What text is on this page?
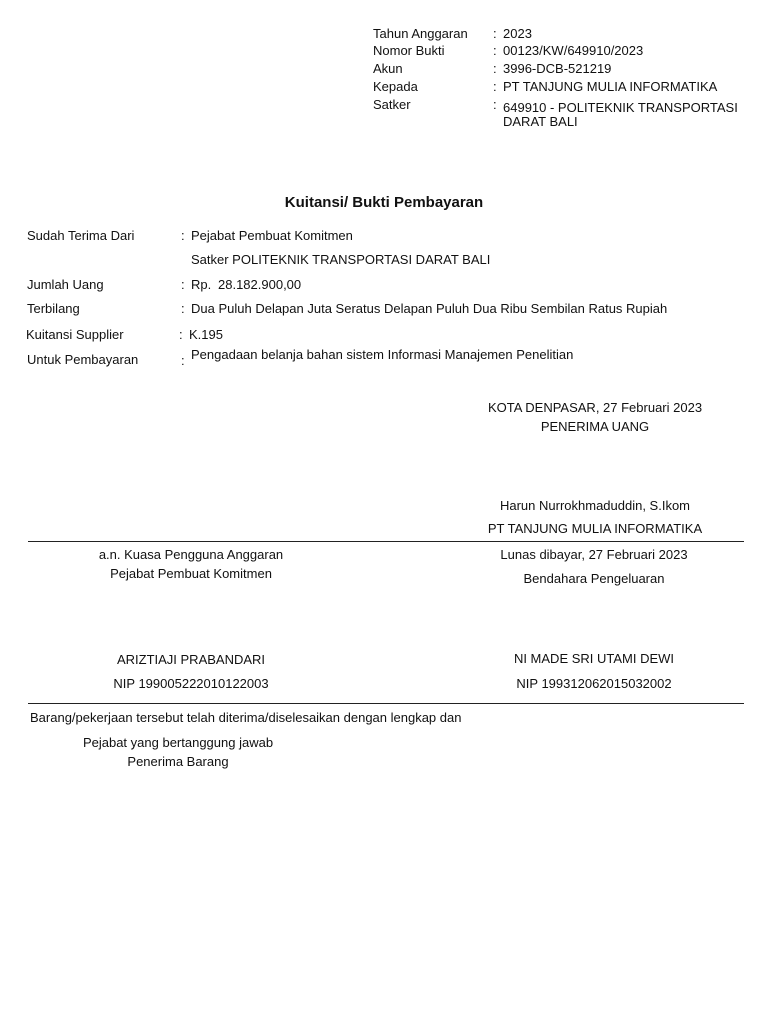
Tahun Anggaran : 2023
Nomor Bukti	: 00123/KW/649910/2023
Akun	: 3996-DCB-521219
Kepada	: PT TANJUNG MULIA INFORMATIKA
Satker	: 649910 - POLITEKNIK TRANSPORTASI
DARAT BALI
Kuitansi/ Bukti Pembayaran
Sudah Terima Dari	: Pejabat Pembuat Komitmen
Satker POLITEKNIK TRANSPORTASI DARAT BALI
Jumlah Uang	: Rp. 28.182.900,00
Terbilang	: Dua Puluh Delapan Juta Seratus Delapan Puluh Dua Ribu Sembilan Ratus Rupiah
Kuitansi Supplier	: K.195
Untuk Pembayaran	: Pengadaan belanja bahan sistem Informasi Manajemen Penelitian
KOTA DENPASAR, 27 Februari 2023
PENERIMA UANG
Harun Nurrokhmaduddin, S.Ikom
PT TANJUNG MULIA INFORMATIKA
a.n. Kuasa Pengguna Anggaran
Pejabat Pembuat Komitmen
ARIZTIAJI PRABANDARI
NIP 199005222010122003
Lunas dibayar, 27 Februari 2023
Bendahara Pengeluaran
NI MADE SRI UTAMI DEWI
NIP 199312062015032002
Barang/pekerjaan tersebut telah diterima/diselesaikan dengan lengkap dan
Pejabat yang bertanggung jawab
Penerima Barang
